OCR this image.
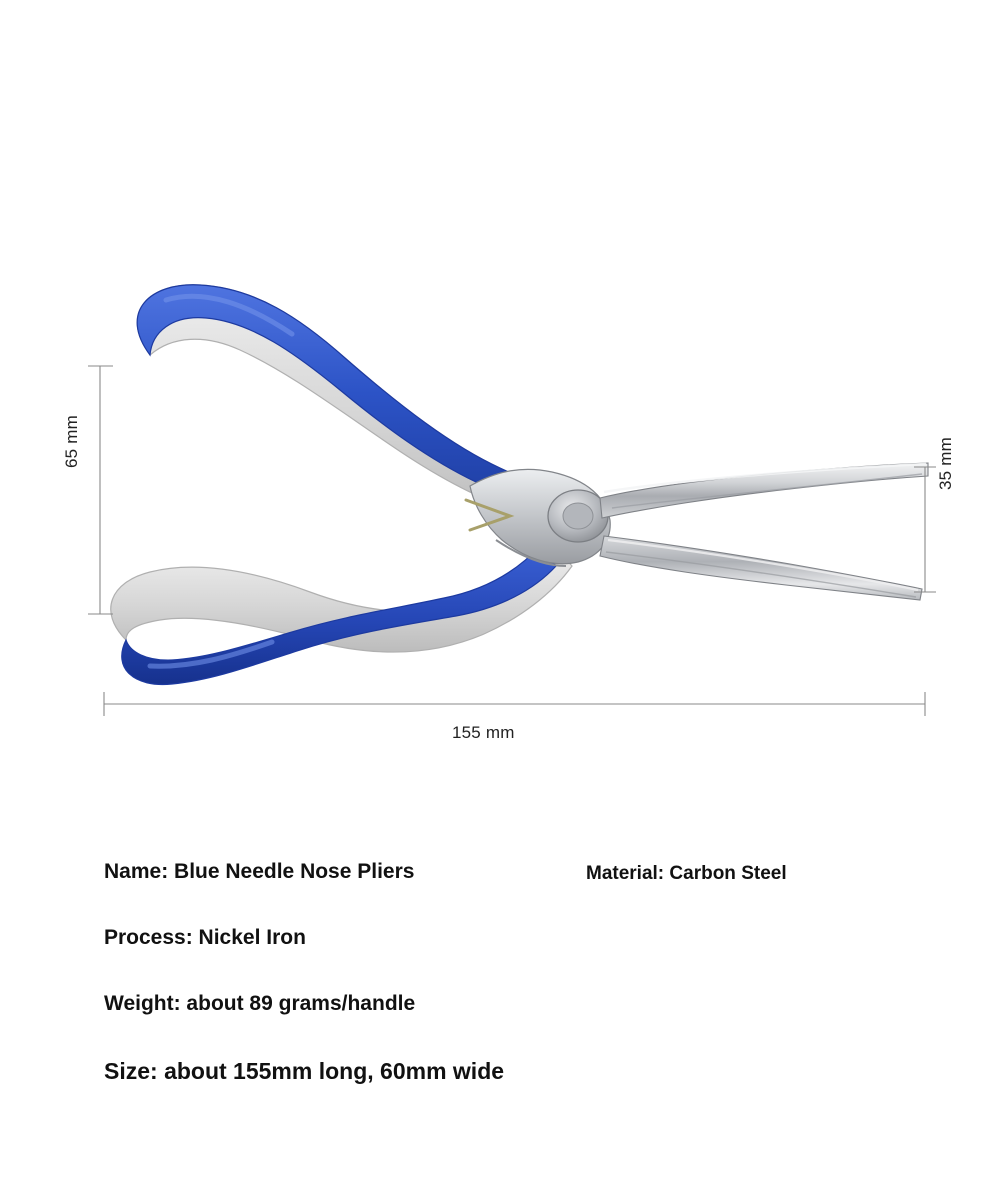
65 mm	35 mm
155 mm
Name: Blue Needle Nose Pliers	Material: Carbon Steel
Process: Nickel Iron
Weight: about 89 grams/handle
Size: about 155mm long, 60mm wide
